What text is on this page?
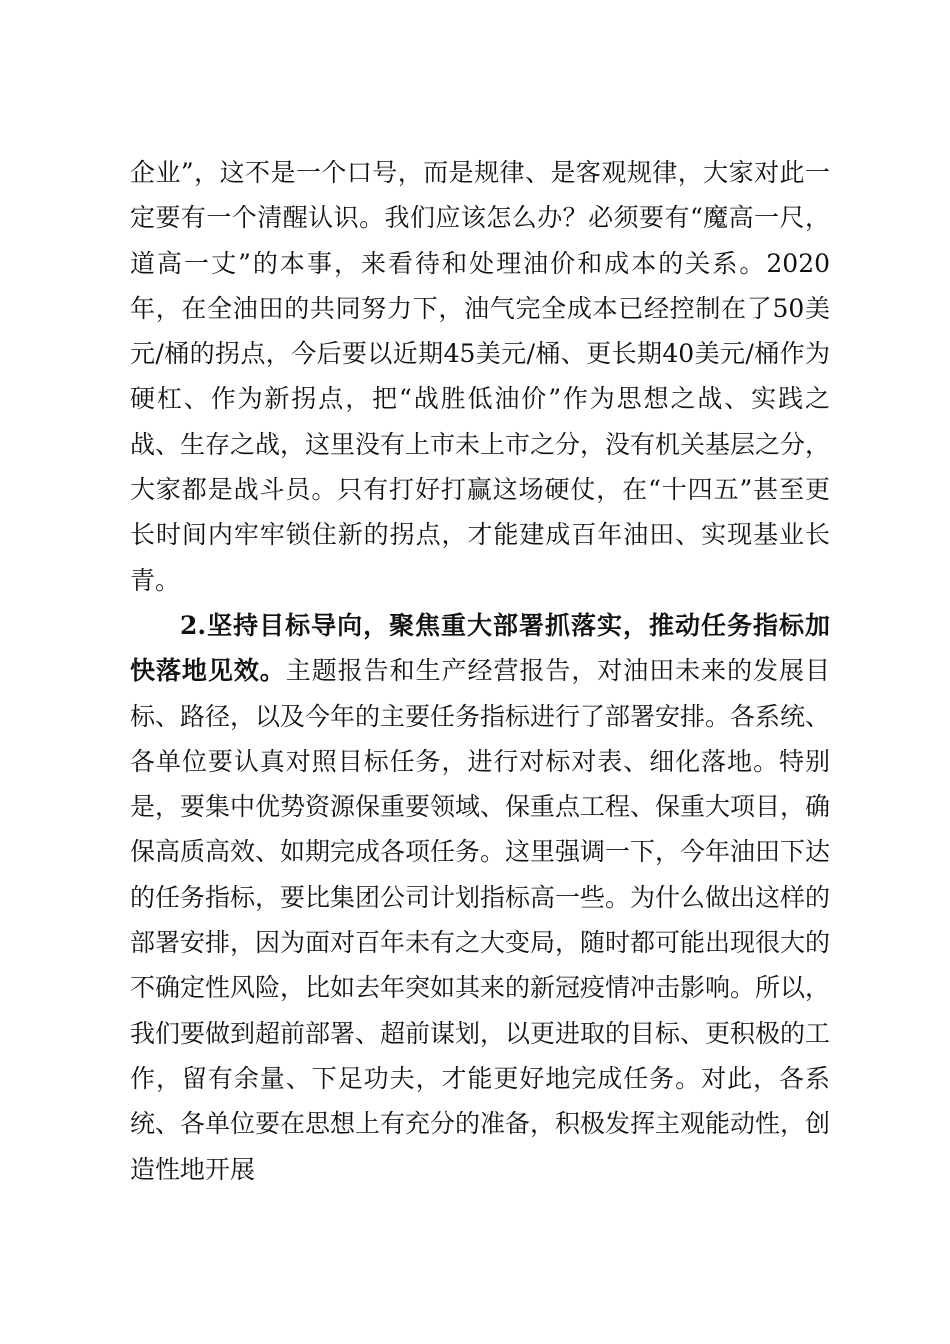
企业”，这不是一个口号，而是规律、是客观规律，大家对此一定要有一个清醒认识。我们应该怎么办？必须要有“魔高一尺，道高一丈”的本事，来看待和处理油价和成本的关系。2020年，在全油田的共同努力下，油气完全成本已经控制在了50美元/桶的拐点，今后要以近期45美元/桶、更长期40美元/桶作为硬杠、作为新拐点，把“战胜低油价”作为思想之战、实践之战、生存之战，这里没有上市未上市之分，没有机关基层之分，大家都是战斗员。只有打好打赢这场硬仗，在“十四五”甚至更长时间内牢牢锁住新的拐点，才能建成百年油田、实现基业长青。

2.坚持目标导向，聚焦重大部署抓落实，推动任务指标加快落地见效。主题报告和生产经营报告，对油田未来的发展目标、路径，以及今年的主要任务指标进行了部署安排。各系统、各单位要认真对照目标任务，进行对标对表、细化落地。特别是，要集中优势资源保重要领域、保重点工程、保重大项目，确保高质高效、如期完成各项任务。这里强调一下，今年油田下达的任务指标，要比集团公司计划指标高一些。为什么做出这样的部署安排，因为面对百年未有之大变局，随时都可能出现很大的不确定性风险，比如去年突如其来的新冠疫情冲击影响。所以，我们要做到超前部署、超前谋划，以更进取的目标、更积极的工作，留有余量、下足功夫，才能更好地完成任务。对此，各系统、各单位要在思想上有充分的准备，积极发挥主观能动性，创造性地开展
